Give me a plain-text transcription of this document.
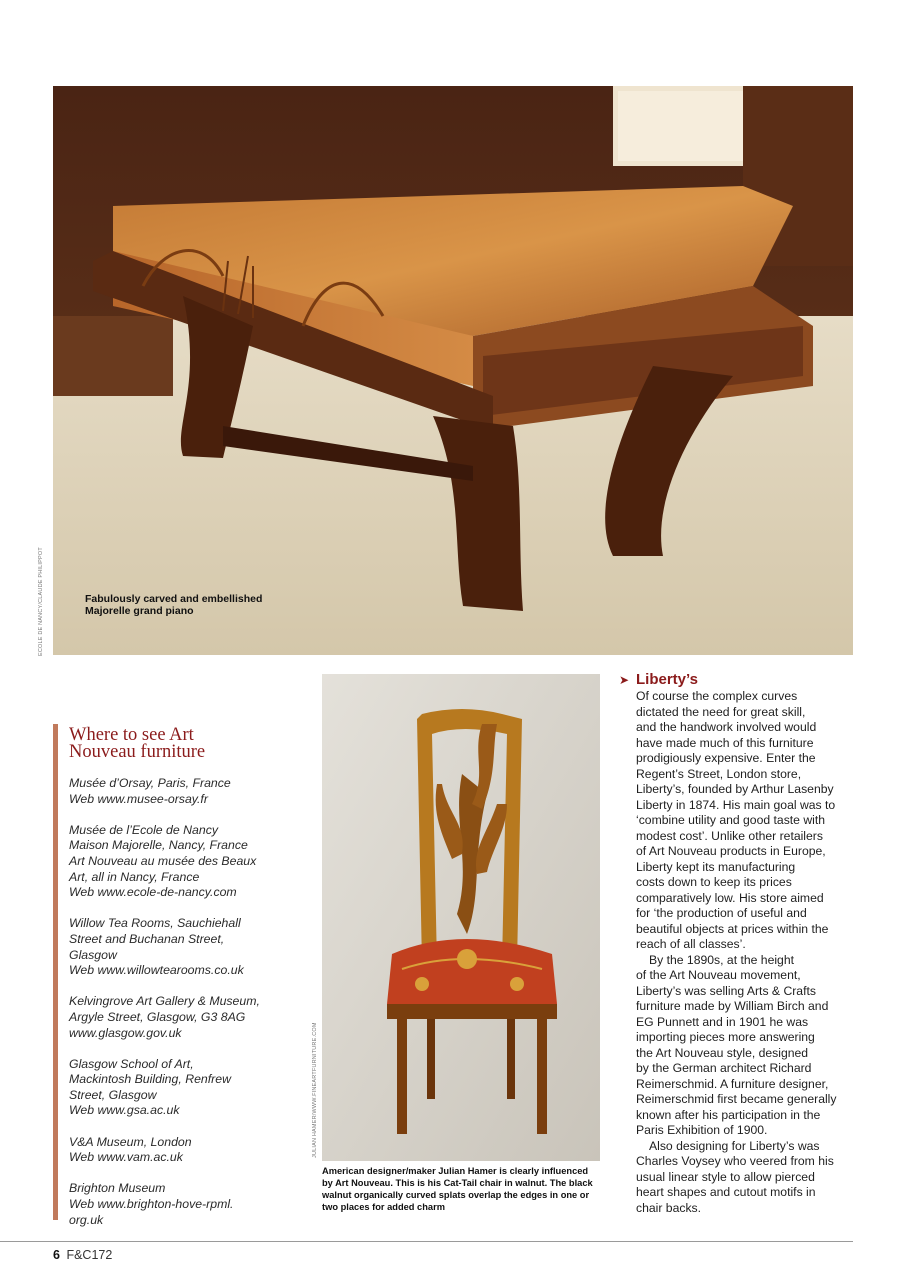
Fabulously carved and embellished
Majorelle grand piano
ECOLE DE NANCY/CLAUDE PHILIPPOT
Where to see Art Nouveau furniture
Musée d’Orsay, Paris, France
Web www.musee-orsay.fr
Musée de l’Ecole de Nancy
Maison Majorelle, Nancy, France
Art Nouveau au musée des Beaux
Art, all in Nancy, France
Web www.ecole-de-nancy.com
Willow Tea Rooms, Sauchiehall
Street and Buchanan Street,
Glasgow
Web www.willowtearooms.co.uk
Kelvingrove Art Gallery & Museum,
Argyle Street, Glasgow, G3 8AG
www.glasgow.gov.uk
Glasgow School of Art,
Mackintosh Building, Renfrew
Street, Glasgow
Web www.gsa.ac.uk
V&A Museum, London
Web www.vam.ac.uk
Brighton Museum
Web www.brighton-hove-rpml.
org.uk
JULIAN HAMER/WWW.FINEARTFURNITURE.COM
American designer/maker Julian Hamer is clearly influenced
by Art Nouveau. This is his Cat-Tail chair in walnut. The black
walnut organically curved splats overlap the edges in one or
two places for added charm
➤ Liberty’s
Of course the complex curves
dictated the need for great skill,
and the handwork involved would
have made much of this furniture
prodigiously expensive. Enter the
Regent’s Street, London store,
Liberty’s, founded by Arthur Lasenby
Liberty in 1874. His main goal was to
‘combine utility and good taste with
modest cost’. Unlike other retailers
of Art Nouveau products in Europe,
Liberty kept its manufacturing
costs down to keep its prices
comparatively low. His store aimed
for ‘the production of useful and
beautiful objects at prices within the
reach of all classes’.
By the 1890s, at the height
of the Art Nouveau movement,
Liberty’s was selling Arts & Crafts
furniture made by William Birch and
EG Punnett and in 1901 he was
importing pieces more answering
the Art Nouveau style, designed
by the German architect Richard
Reimerschmid. A furniture designer,
Reimerschmid first became generally
known after his participation in the
Paris Exhibition of 1900.
Also designing for Liberty’s was
Charles Voysey who veered from his
usual linear style to allow pierced
heart shapes and cutout motifs in
chair backs.
6 F&C172
